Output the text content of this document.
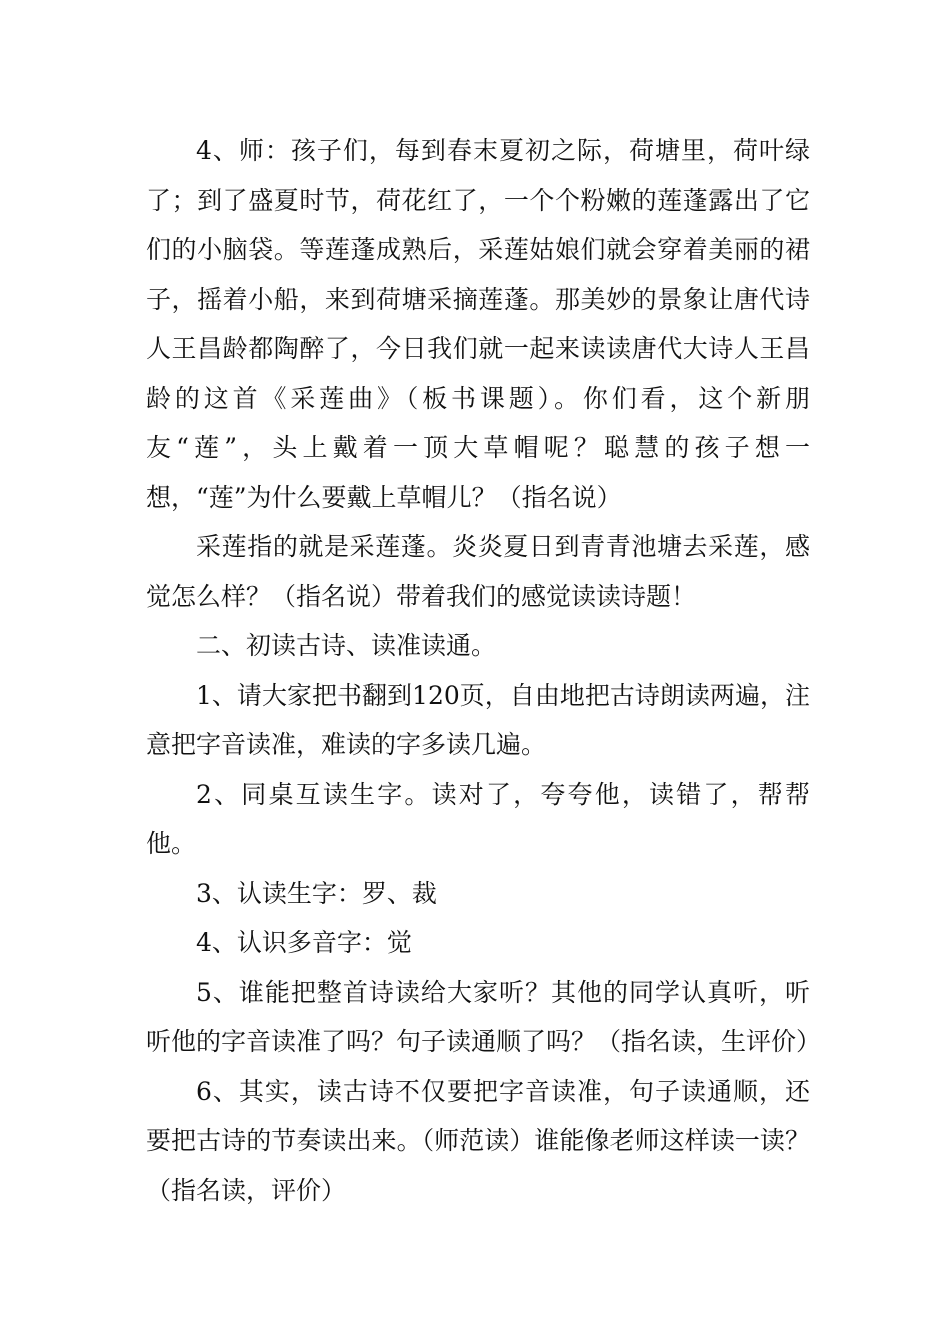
4、师：孩子们，每到春末夏初之际，荷塘里，荷叶绿了；到了盛夏时节，荷花红了，一个个粉嫩的莲蓬露出了它们的小脑袋。等莲蓬成熟后，采莲姑娘们就会穿着美丽的裙子，摇着小船，来到荷塘采摘莲蓬。那美妙的景象让唐代诗人王昌龄都陶醉了，今日我们就一起来读读唐代大诗人王昌龄的这首《采莲曲》（板书课题）。你们看，这个新朋友“莲”，头上戴着一顶大草帽呢？聪慧的孩子想一想，“莲”为什么要戴上草帽儿？（指名说）

采莲指的就是采莲蓬。炎炎夏日到青青池塘去采莲，感觉怎么样？（指名说）带着我们的感觉读读诗题！

二、初读古诗、读准读通。

1、请大家把书翻到120页，自由地把古诗朗读两遍，注意把字音读准，难读的字多读几遍。

2、同桌互读生字。读对了，夸夸他，读错了，帮帮他。

3、认读生字：罗、裁

4、认识多音字：觉

5、谁能把整首诗读给大家听？其他的同学认真听，听听他的字音读准了吗？句子读通顺了吗？（指名读，生评价）

6、其实，读古诗不仅要把字音读准，句子读通顺，还要把古诗的节奏读出来。（师范读）谁能像老师这样读一读？（指名读，评价）
